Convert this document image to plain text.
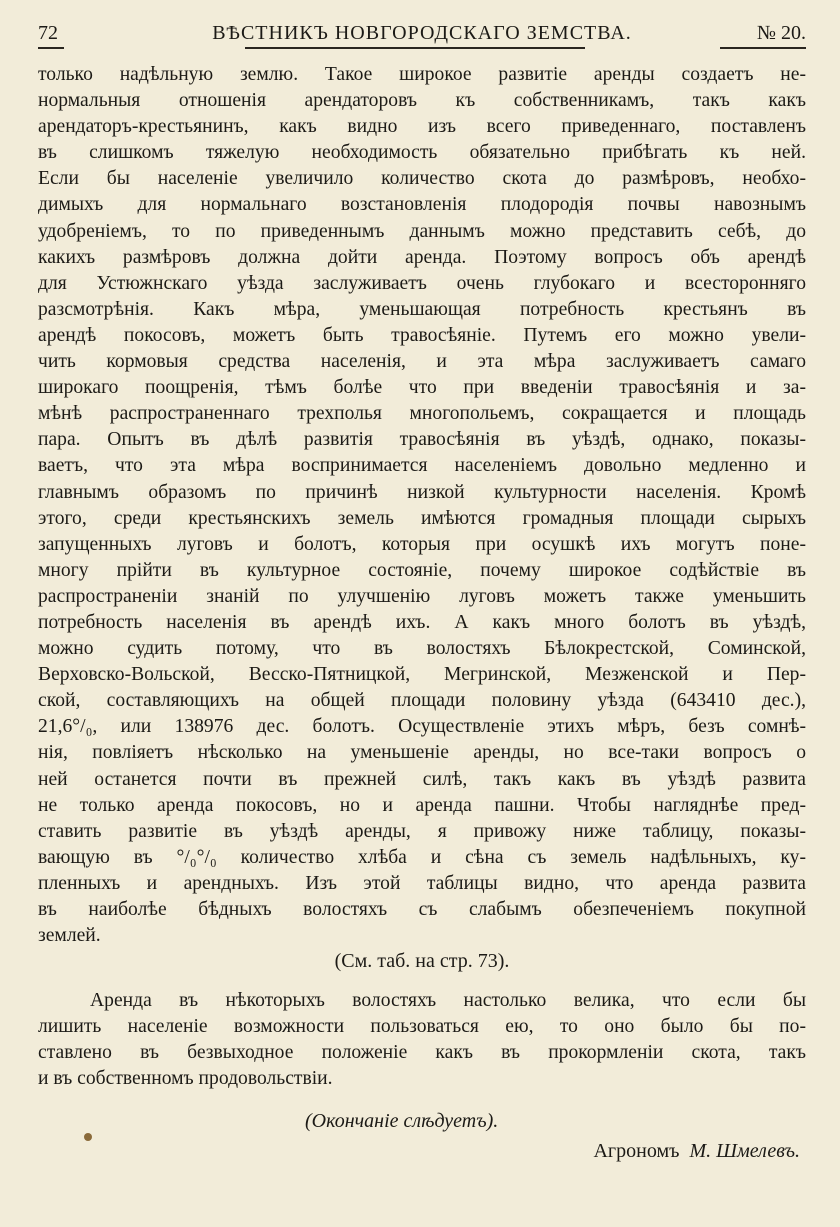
72	ВѢСТНИКЪ НОВГОРОДСКАГО ЗЕМСТВА.	№ 20.
только надѣльную землю. Такое широкое развитіе аренды создаетъ не-
нормальныя отношенія арендаторовъ къ собственникамъ, такъ какъ
арендаторъ-крестьянинъ, какъ видно изъ всего приведеннаго, поставленъ
въ слишкомъ тяжелую необходимость обязательно прибѣгать къ ней.
Если бы населеніе увеличило количество скота до размѣровъ, необхо-
димыхъ для нормальнаго возстановленія плодородія почвы навознымъ
удобреніемъ, то по приведеннымъ даннымъ можно представить себѣ, до
какихъ размѣровъ должна дойти аренда. Поэтому вопросъ объ арендѣ
для Устюжнскаго уѣзда заслуживаетъ очень глубокаго и всесторонняго
разсмотрѣнія. Какъ мѣра, уменьшающая потребность крестьянъ въ
арендѣ покосовъ, можетъ быть травосѣяніе. Путемъ его можно увели-
чить кормовыя средства населенія, и эта мѣра заслуживаетъ самаго
широкаго поощренія, тѣмъ болѣе что при введеніи травосѣянія и за-
мѣнѣ распространеннаго трехполья многопольемъ, сокращается и площадь
пара. Опытъ въ дѣлѣ развитія травосѣянія въ уѣздѣ, однако, показы-
ваетъ, что эта мѣра воспринимается населеніемъ довольно медленно и
главнымъ образомъ по причинѣ низкой культурности населенія. Кромѣ
этого, среди крестьянскихъ земель имѣются громадныя площади сырыхъ
запущенныхъ луговъ и болотъ, которыя при осушкѣ ихъ могутъ поне-
многу прійти въ культурное состояніе, почему широкое содѣйствіе въ
распространеніи знаній по улучшенію луговъ можетъ также уменьшить
потребность населенія въ арендѣ ихъ. А какъ много болотъ въ уѣздѣ,
можно судить потому, что въ волостяхъ Бѣлокрестской, Соминской,
Верховско-Вольской, Весско-Пятницкой, Мегринской, Мезженской и Пер-
ской, составляющихъ на общей площади половину уѣзда (643410 дес.),
21,6°/₀, или 138976 дес. болотъ. Осуществленіе этихъ мѣръ, безъ сомнѣ-
нія, повліяетъ нѣсколько на уменьшеніе аренды, но все-таки вопросъ о
ней останется почти въ прежней силѣ, такъ какъ въ уѣздѣ развита
не только аренда покосовъ, но и аренда пашни. Чтобы нагляднѣе пред-
ставить развитіе въ уѣздѣ аренды, я привожу ниже таблицу, показы-
вающую въ °/₀°/₀ количество хлѣба и сѣна съ земель надѣльныхъ, ку-
пленныхъ и арендныхъ. Изъ этой таблицы видно, что аренда развита
въ наиболѣе бѣдныхъ волостяхъ съ слабымъ обезпеченіемъ покупной
землей.
(См. таб. на стр. 73).
Аренда въ нѣкоторыхъ волостяхъ настолько велика, что если бы
лишить населеніе возможности пользоваться ею, то оно было бы по-
ставлено въ безвыходное положеніе какъ въ прокормленіи скота, такъ
и въ собственномъ продовольствіи.
(Окончаніе слѣдуетъ).
Агрономъ М. Шмелевъ.
